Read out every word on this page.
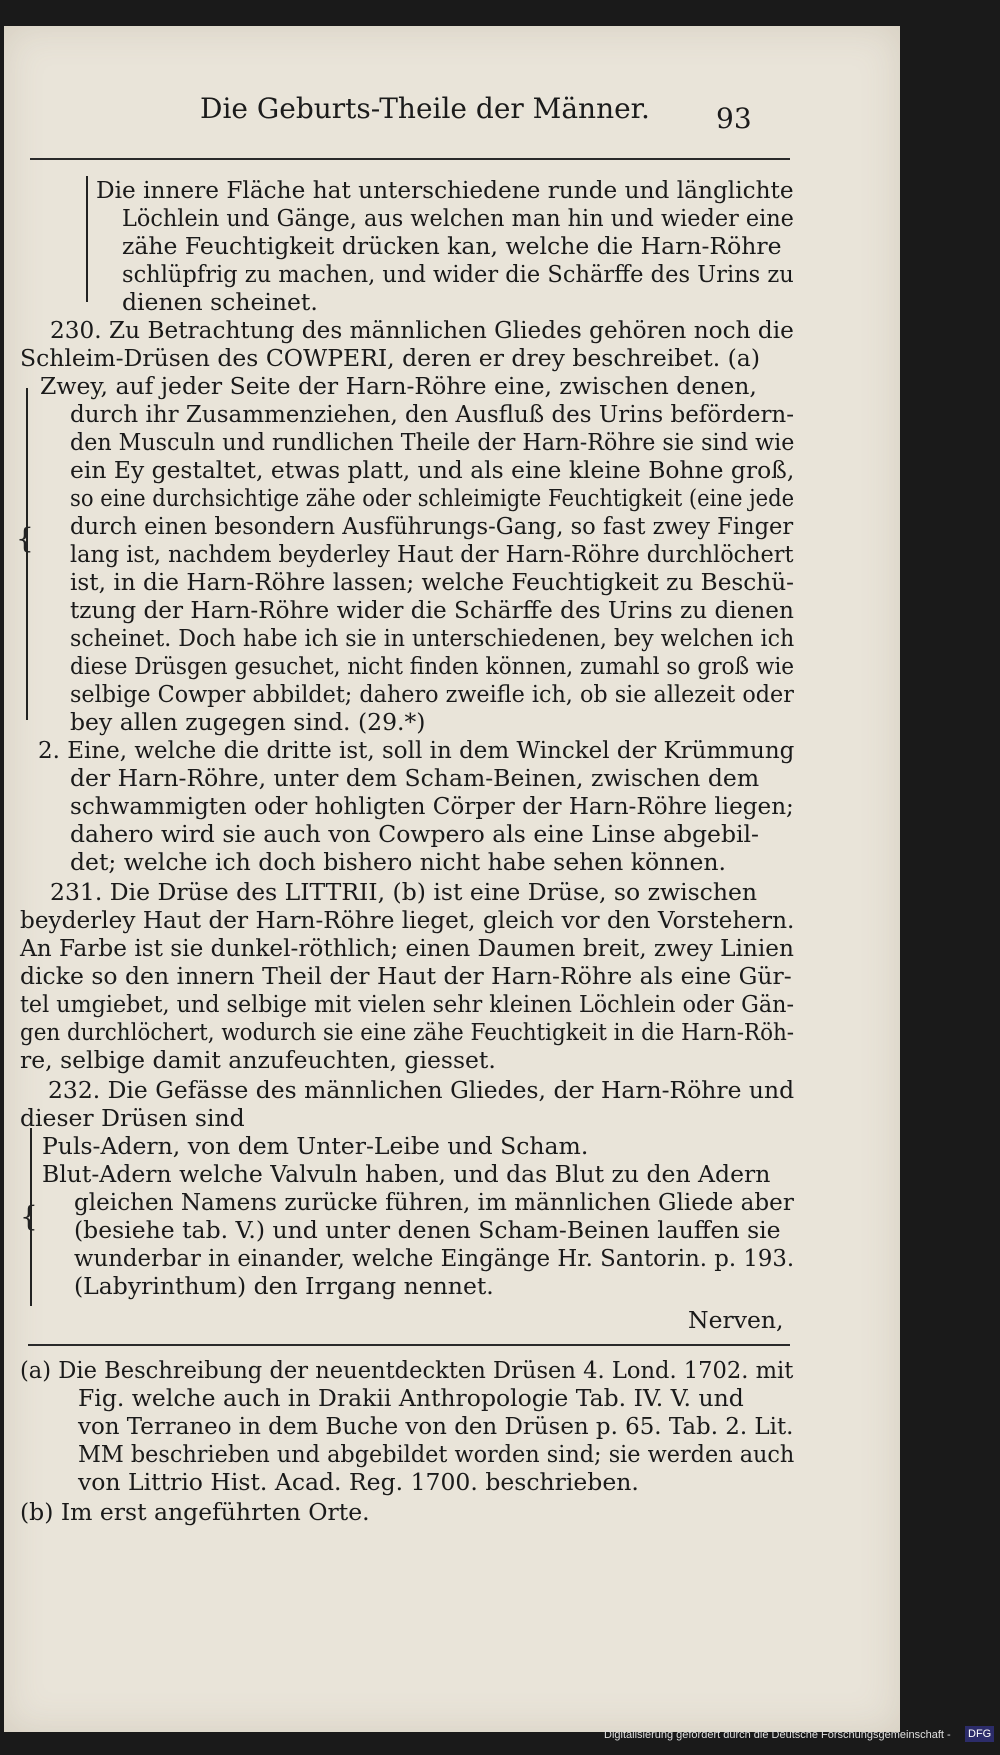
Die Geburts-Theile der Männer. 93
{
{
Die innere Fläche hat unterschiedene runde und länglichte
Löchlein und Gänge, aus welchen man hin und wieder eine
zähe Feuchtigkeit drücken kan, welche die Harn-Röhre
schlüpfrig zu machen, und wider die Schärffe des Urins zu
dienen scheinet.
230. Zu Betrachtung des männlichen Gliedes gehören noch die
Schleim-Drüsen des COWPERI, deren er drey beschreibet. (a)
Zwey, auf jeder Seite der Harn-Röhre eine, zwischen denen,
durch ihr Zusammenziehen, den Ausfluß des Urins befördern-
den Musculn und rundlichen Theile der Harn-Röhre sie sind wie
ein Ey gestaltet, etwas platt, und als eine kleine Bohne groß,
so eine durchsichtige zähe oder schleimigte Feuchtigkeit (eine jede
durch einen besondern Ausführungs-Gang, so fast zwey Finger
lang ist, nachdem beyderley Haut der Harn-Röhre durchlöchert
ist, in die Harn-Röhre lassen; welche Feuchtigkeit zu Beschü-
tzung der Harn-Röhre wider die Schärffe des Urins zu dienen
scheinet. Doch habe ich sie in unterschiedenen, bey welchen ich
diese Drüsgen gesuchet, nicht finden können, zumahl so groß wie
selbige Cowper abbildet; dahero zweifle ich, ob sie allezeit oder
bey allen zugegen sind. (29.*)
2. Eine, welche die dritte ist, soll in dem Winckel der Krümmung
der Harn-Röhre, unter dem Scham-Beinen, zwischen dem
schwammigten oder hohligten Cörper der Harn-Röhre liegen;
dahero wird sie auch von Cowpero als eine Linse abgebil-
det; welche ich doch bishero nicht habe sehen können.
231. Die Drüse des LITTRII, (b) ist eine Drüse, so zwischen
beyderley Haut der Harn-Röhre lieget, gleich vor den Vorstehern.
An Farbe ist sie dunkel-röthlich; einen Daumen breit, zwey Linien
dicke so den innern Theil der Haut der Harn-Röhre als eine Gür-
tel umgiebet, und selbige mit vielen sehr kleinen Löchlein oder Gän-
gen durchlöchert, wodurch sie eine zähe Feuchtigkeit in die Harn-Röh-
re, selbige damit anzufeuchten, giesset.
232. Die Gefässe des männlichen Gliedes, der Harn-Röhre und
dieser Drüsen sind
Puls-Adern, von dem Unter-Leibe und Scham.
Blut-Adern welche Valvuln haben, und das Blut zu den Adern
gleichen Namens zurücke führen, im männlichen Gliede aber
(besiehe tab. V.) und unter denen Scham-Beinen lauffen sie
wunderbar in einander, welche Eingänge Hr. Santorin. p. 193.
(Labyrinthum) den Irrgang nennet.
Nerven,
(a) Die Beschreibung der neuentdeckten Drüsen 4. Lond. 1702. mit
Fig. welche auch in Drakii Anthropologie Tab. IV. V. und
von Terraneo in dem Buche von den Drüsen p. 65. Tab. 2. Lit.
MM beschrieben und abgebildet worden sind; sie werden auch
von Littrio Hist. Acad. Reg. 1700. beschrieben.
(b) Im erst angeführten Orte.
Digitalisierung gefördert durch die Deutsche Forschungsgemeinschaft - DFG
